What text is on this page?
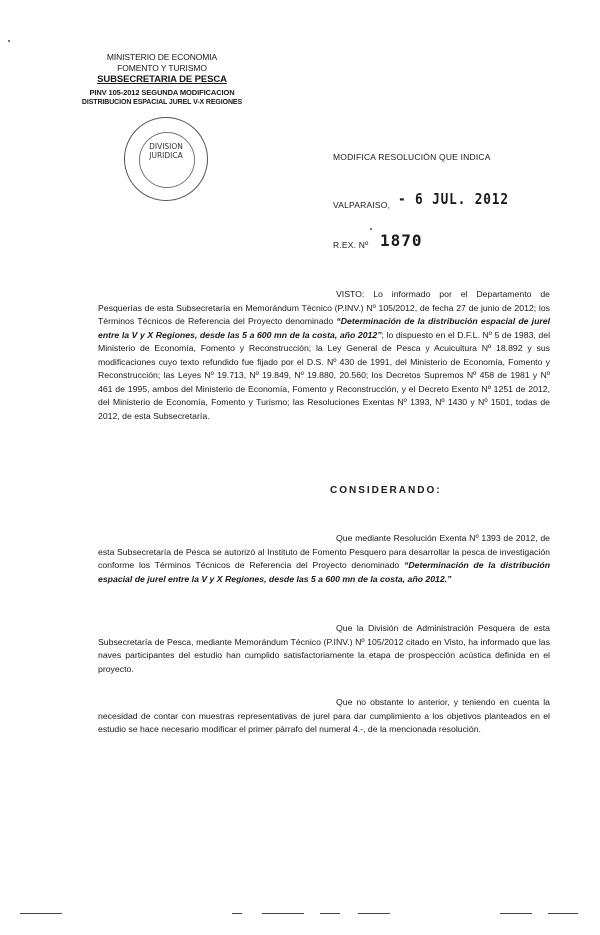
MINISTERIO DE ECONOMIA
FOMENTO Y TURISMO
SUBSECRETARIA DE PESCA
PINV 105-2012 SEGUNDA MODIFICACION
DISTRIBUCION ESPACIAL JUREL V-X REGIONES
DIVISION
JURIDICA	MODIFICA RESOLUCIÓN QUE INDICA
VALPARAISO, - 6 JUL. 2012
R.EX. Nº 1870
VISTO: Lo informado por el Departamento de Pesquerías de esta Subsecretaría en Memorándum Técnico (P.INV.) Nº 105/2012, de fecha 27 de junio de 2012; los Términos Técnicos de Referencia del Proyecto denominado “Determinación de la distribución espacial de jurel entre la V y X Regiones, desde las 5 a 600 mn de la costa, año 2012”; lo dispuesto en el D.F.L. Nº 5 de 1983, del Ministerio de Economía, Fomento y Reconstrucción; la Ley General de Pesca y Acuicultura Nº 18.892 y sus modificaciones cuyo texto refundido fue fijado por el D.S. Nº 430 de 1991, del Ministerio de Economía, Fomento y Reconstrucción; las Leyes Nº 19.713, Nº 19.849, Nº 19.880, 20.560; los Decretos Supremos Nº 458 de 1981 y Nº 461 de 1995, ambos del Ministerio de Economía, Fomento y Reconstrucción, y el Decreto Exento Nº 1251 de 2012, del Ministerio de Economía, Fomento y Turismo; las Resoluciones Exentas Nº 1393, Nº 1430 y Nº 1501, todas de 2012, de esta Subsecretaría.
CONSIDERANDO:
Que mediante Resolución Exenta Nº 1393 de 2012, de esta Subsecretaría de Pesca se autorizó al Instituto de Fomento Pesquero para desarrollar la pesca de investigación conforme los Términos Técnicos de Referencia del Proyecto denominado “Determinación de la distribución espacial de jurel entre la V y X Regiones, desde las 5 a 600 mn de la costa, año 2012.”
Que la División de Administración Pesquera de esta Subsecretaría de Pesca, mediante Memorándum Técnico (P.INV.) Nº 105/2012 citado en Visto, ha informado que las naves participantes del estudio han cumplido satisfactoriamente la etapa de prospección acústica definida en el proyecto.
Que no obstante lo anterior, y teniendo en cuenta la necesidad de contar con muestras representativas de jurel para dar cumplimiento a los objetivos planteados en el estudio se hace necesario modificar el primer párrafo del numeral 4.-, de la mencionada resolución.
